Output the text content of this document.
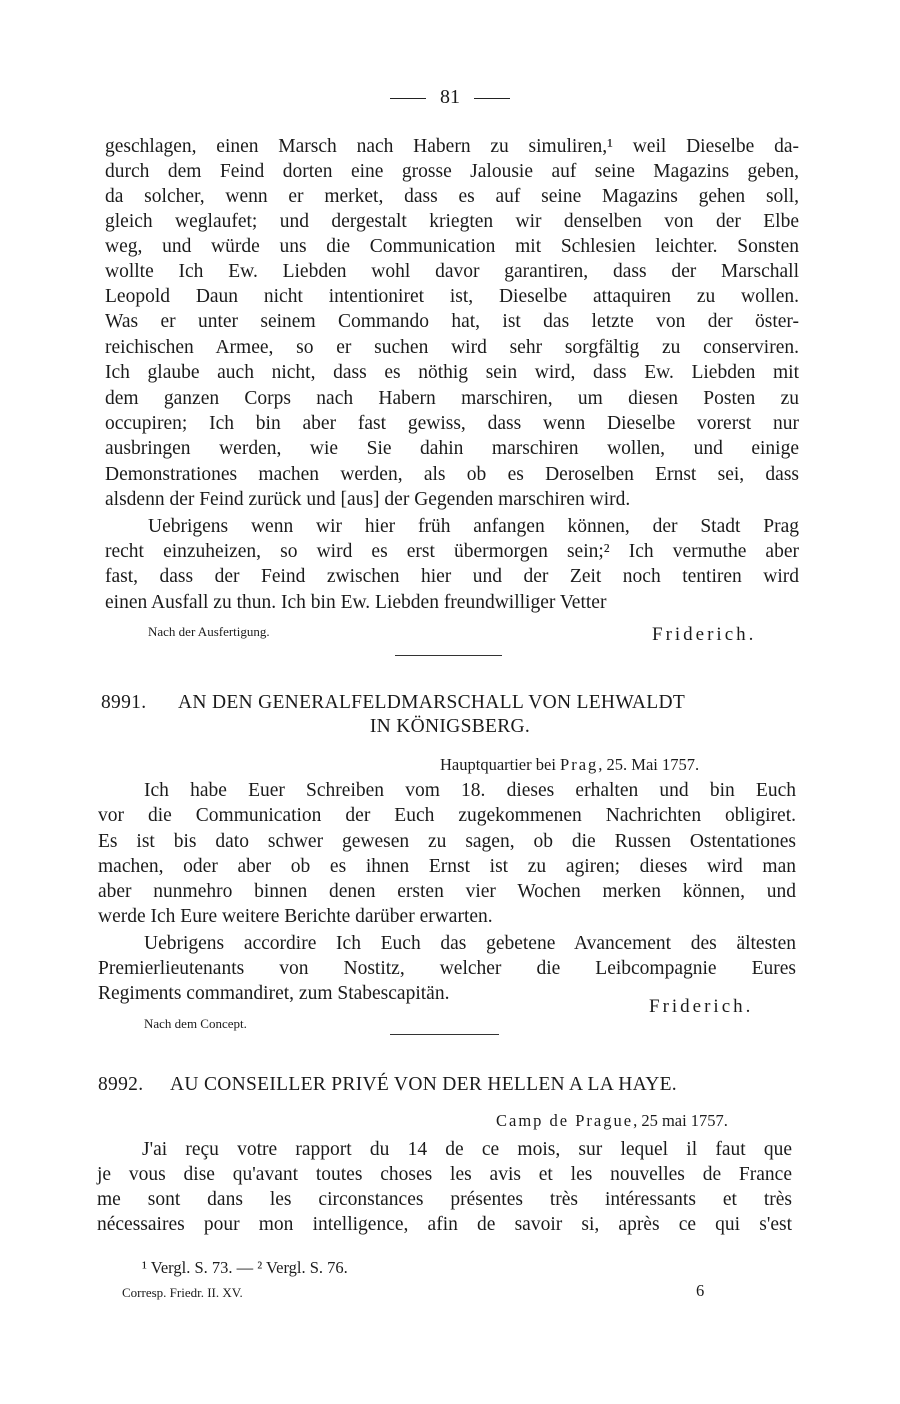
81
geschlagen, einen Marsch nach Habern zu simuliren,¹ weil Dieselbe da-
durch dem Feind dorten eine grosse Jalousie auf seine Magazins geben,
da solcher, wenn er merket, dass es auf seine Magazins gehen soll,
gleich weglaufet; und dergestalt kriegten wir denselben von der Elbe
weg, und würde uns die Communication mit Schlesien leichter. Sonsten
wollte Ich Ew. Liebden wohl davor garantiren, dass der Marschall
Leopold Daun nicht intentioniret ist, Dieselbe attaquiren zu wollen.
Was er unter seinem Commando hat, ist das letzte von der öster-
reichischen Armee, so er suchen wird sehr sorgfältig zu conserviren.
Ich glaube auch nicht, dass es nöthig sein wird, dass Ew. Liebden mit
dem ganzen Corps nach Habern marschiren, um diesen Posten zu
occupiren; Ich bin aber fast gewiss, dass wenn Dieselbe vorerst nur
ausbringen werden, wie Sie dahin marschiren wollen, und einige
Demonstrationes machen werden, als ob es Deroselben Ernst sei, dass
alsdenn der Feind zurück und [aus] der Gegenden marschiren wird.
Uebrigens wenn wir hier früh anfangen können, der Stadt Prag
recht einzuheizen, so wird es erst übermorgen sein;² Ich vermuthe aber
fast, dass der Feind zwischen hier und der Zeit noch tentiren wird
einen Ausfall zu thun. Ich bin Ew. Liebden freundwilliger Vetter
Nach der Ausfertigung.	Friderich.
8991. AN DEN GENERALFELDMARSCHALL VON LEHWALDT
IN KÖNIGSBERG.
Hauptquartier bei Prag, 25. Mai 1757.
Ich habe Euer Schreiben vom 18. dieses erhalten und bin Euch
vor die Communication der Euch zugekommenen Nachrichten obligiret.
Es ist bis dato schwer gewesen zu sagen, ob die Russen Ostentationes
machen, oder aber ob es ihnen Ernst ist zu agiren; dieses wird man
aber nunmehro binnen denen ersten vier Wochen merken können, und
werde Ich Eure weitere Berichte darüber erwarten.
Uebrigens accordire Ich Euch das gebetene Avancement des ältesten
Premierlieutenants von Nostitz, welcher die Leibcompagnie Eures
Regiments commandiret, zum Stabescapitän.
Friderich.
Nach dem Concept.
8992. AU CONSEILLER PRIVÉ VON DER HELLEN A LA HAYE.
Camp de Prague, 25 mai 1757.
J'ai reçu votre rapport du 14 de ce mois, sur lequel il faut que
je vous dise qu'avant toutes choses les avis et les nouvelles de France
me sont dans les circonstances présentes très intéressants et très
nécessaires pour mon intelligence, afin de savoir si, après ce qui s'est
¹ Vergl. S. 73. — ² Vergl. S. 76.
Corresp. Friedr. II. XV.	6
